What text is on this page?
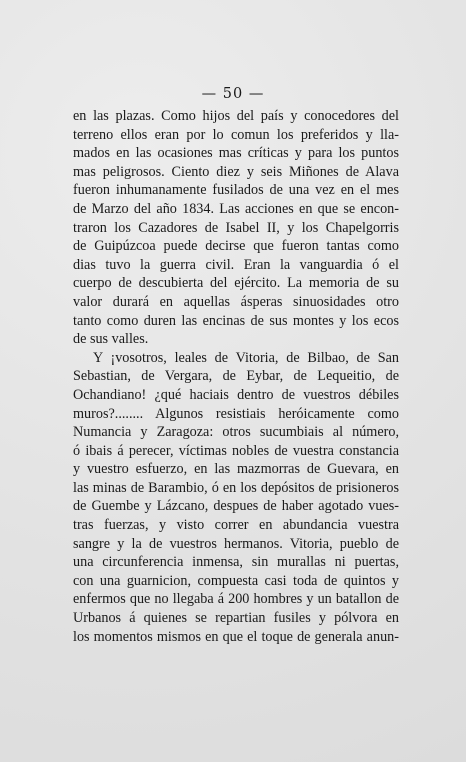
— 50 —
en las plazas. Como hijos del país y conocedores del
terreno ellos eran por lo comun los preferidos y lla-
mados en las ocasiones mas críticas y para los puntos
mas peligrosos. Ciento diez y seis Miñones de Alava
fueron inhumanamente fusilados de una vez en el mes
de Marzo del año 1834. Las acciones en que se encon-
traron los Cazadores de Isabel II, y los Chapelgorris
de Guipúzcoa puede decirse que fueron tantas como
dias tuvo la guerra civil. Eran la vanguardia ó el
cuerpo de descubierta del ejército. La memoria de su
valor durará en aquellas ásperas sinuosidades otro
tanto como duren las encinas de sus montes y los ecos
de sus valles.
Y ¡vosotros, leales de Vitoria, de Bilbao, de San
Sebastian, de Vergara, de Eybar, de Lequeitio, de
Ochandiano! ¿qué haciais dentro de vuestros débiles
muros?........ Algunos resistiais heróicamente como
Numancia y Zaragoza: otros sucumbiais al número,
ó ibais á perecer, víctimas nobles de vuestra constancia
y vuestro esfuerzo, en las mazmorras de Guevara, en
las minas de Barambio, ó en los depósitos de prisioneros
de Guembe y Lázcano, despues de haber agotado vues-
tras fuerzas, y visto correr en abundancia vuestra
sangre y la de vuestros hermanos. Vitoria, pueblo de
una circunferencia inmensa, sin murallas ni puertas,
con una guarnicion, compuesta casi toda de quintos y
enfermos que no llegaba á 200 hombres y un batallon de
Urbanos á quienes se repartian fusiles y pólvora en
los momentos mismos en que el toque de generala anun-
